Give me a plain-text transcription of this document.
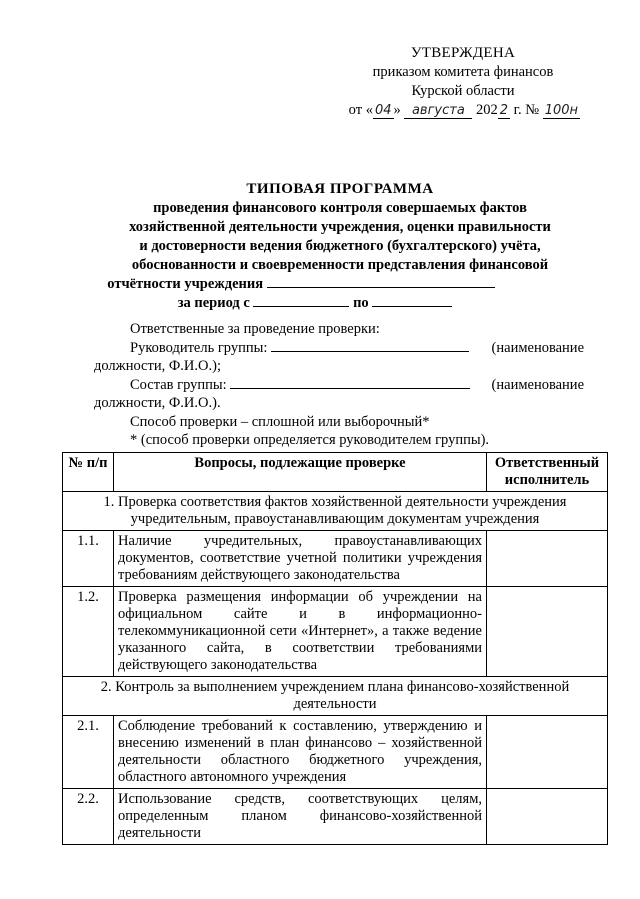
УТВЕРЖДЕНА
приказом комитета финансов
Курской области
от « 04 » августа 202 2 г. № 100н
ТИПОВАЯ ПРОГРАММА
проведения финансового контроля совершаемых фактов
хозяйственной деятельности учреждения, оценки правильности
и достоверности ведения бюджетного (бухгалтерского) учёта,
обоснованности и своевременности представления финансовой
отчётности учреждения
за период с	по
Ответственные за проведение проверки:
Руководитель группы:	(наименование
должности, Ф.И.О.);
Состав группы:	(наименование
должности, Ф.И.О.).
Способ проверки – сплошной или выборочный*
* (способ проверки определяется руководителем группы).
№ п/п	Вопросы, подлежащие проверке	Ответственный исполнитель
1. Проверка соответствия фактов хозяйственной деятельности учреждения учредительным, правоустанавливающим документам учреждения		
1.1.	Наличие учредительных, правоустанавливающих документов, соответствие учетной политики учреждения требованиям действующего законодательства	
1.2.	Проверка размещения информации об учреждении на официальном сайте и в информационно-телекоммуникационной сети «Интернет», а также ведение указанного сайта, в соответствии требованиями действующего законодательства	
2. Контроль за выполнением учреждением плана финансово-хозяйственной деятельности		
2.1.	Соблюдение требований к составлению, утверждению и внесению изменений в план финансово – хозяйственной деятельности областного бюджетного учреждения, областного автономного учреждения	
2.2.	Использование средств, соответствующих целям, определенным планом финансово-хозяйственной деятельности	
